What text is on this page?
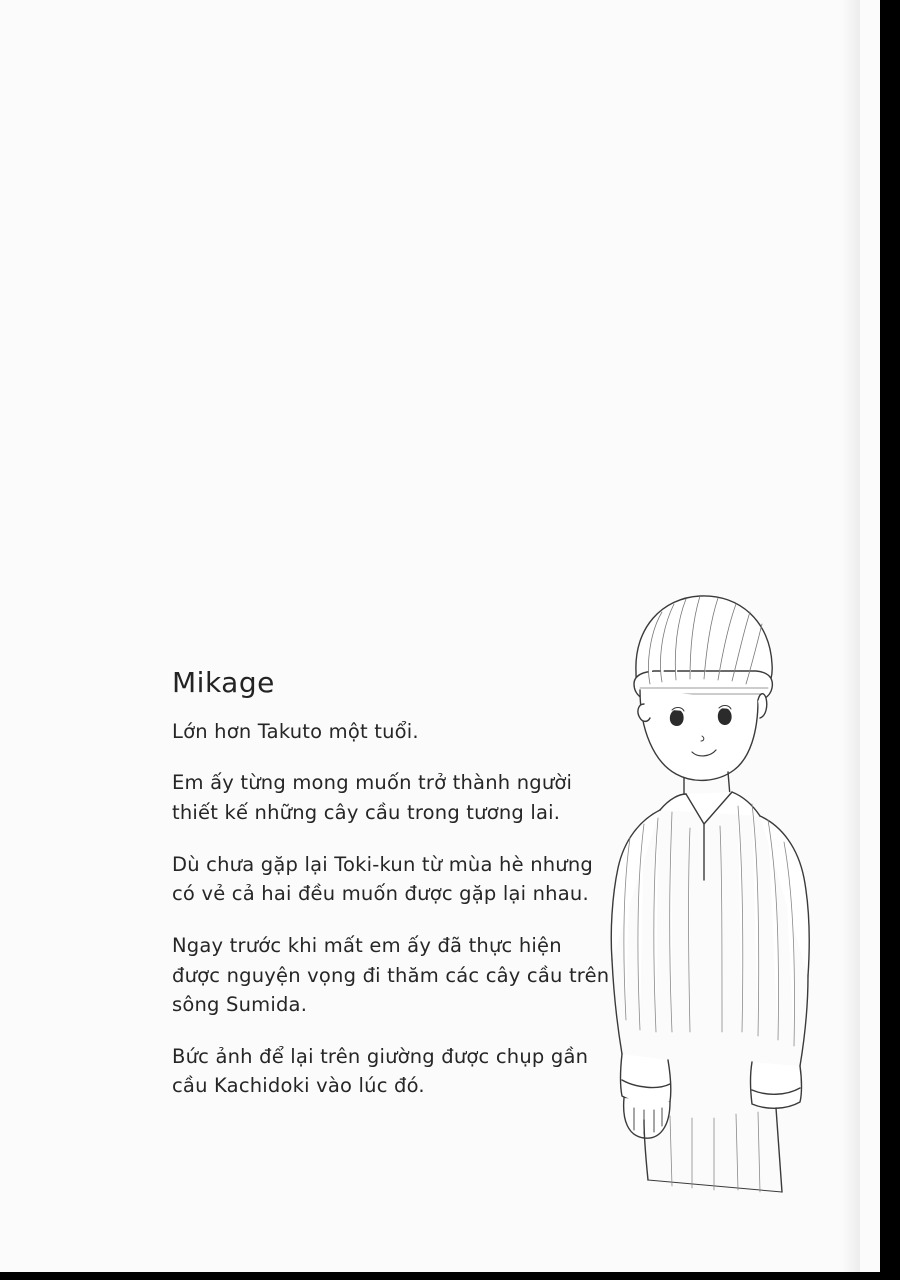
Mikage

Lớn hơn Takuto một tuổi.

Em ấy từng mong muốn trở thành người thiết kế những cây cầu trong tương lai.

Dù chưa gặp lại Toki-kun từ mùa hè nhưng có vẻ cả hai đều muốn được gặp lại nhau.

Ngay trước khi mất em ấy đã thực hiện được nguyện vọng đi thăm các cây cầu trên sông Sumida.

Bức ảnh để lại trên giường được chụp gần cầu Kachidoki vào lúc đó.
